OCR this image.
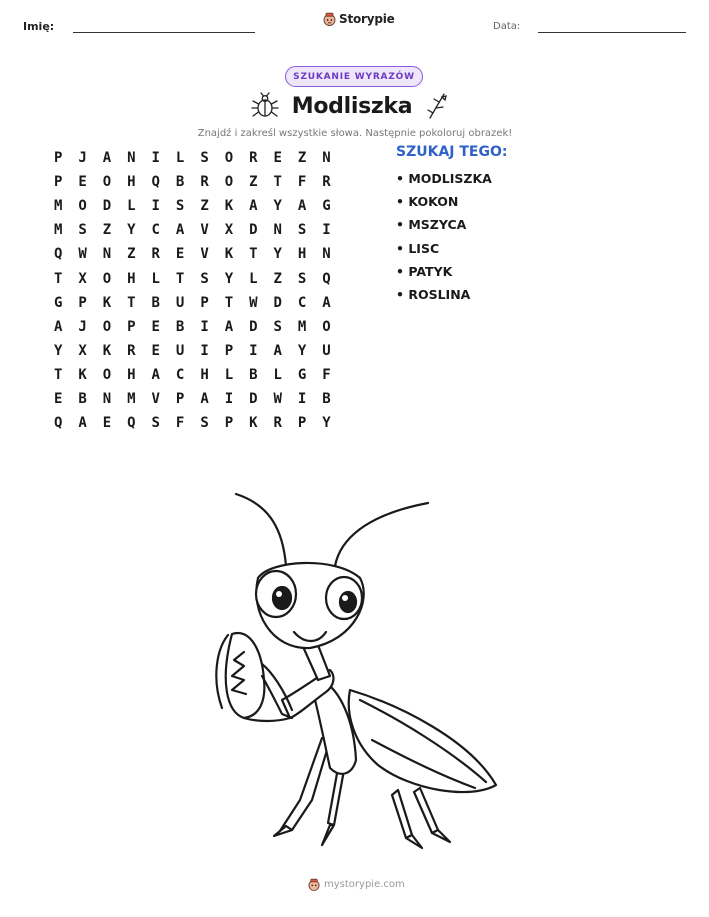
Imię:
Storypie
Data:
SZUKANIE WYRAZÓW
Modliszka
Znajdź i zakreśl wszystkie słowa. Następnie pokoloruj obrazek!
P	J	A	N	I	L	S	O	R	E	Z	N
P	E	O	H	Q	B	R	O	Z	T	F	R
M	O	D	L	I	S	Z	K	A	Y	A	G
M	S	Z	Y	C	A	V	X	D	N	S	I
Q	W	N	Z	R	E	V	K	T	Y	H	N
T	X	O	H	L	T	S	Y	L	Z	S	Q
G	P	K	T	B	U	P	T	W	D	C	A
A	J	O	P	E	B	I	A	D	S	M	O
Y	X	K	R	E	U	I	P	I	A	Y	U
T	K	O	H	A	C	H	L	B	L	G	F
E	B	N	M	V	P	A	I	D	W	I	B
Q	A	E	Q	S	F	S	P	K	R	P	Y
SZUKAJ TEGO:
• MODLISZKA
• KOKON
• MSZYCA
• LISC
• PATYK
• ROSLINA
mystorypie.com
